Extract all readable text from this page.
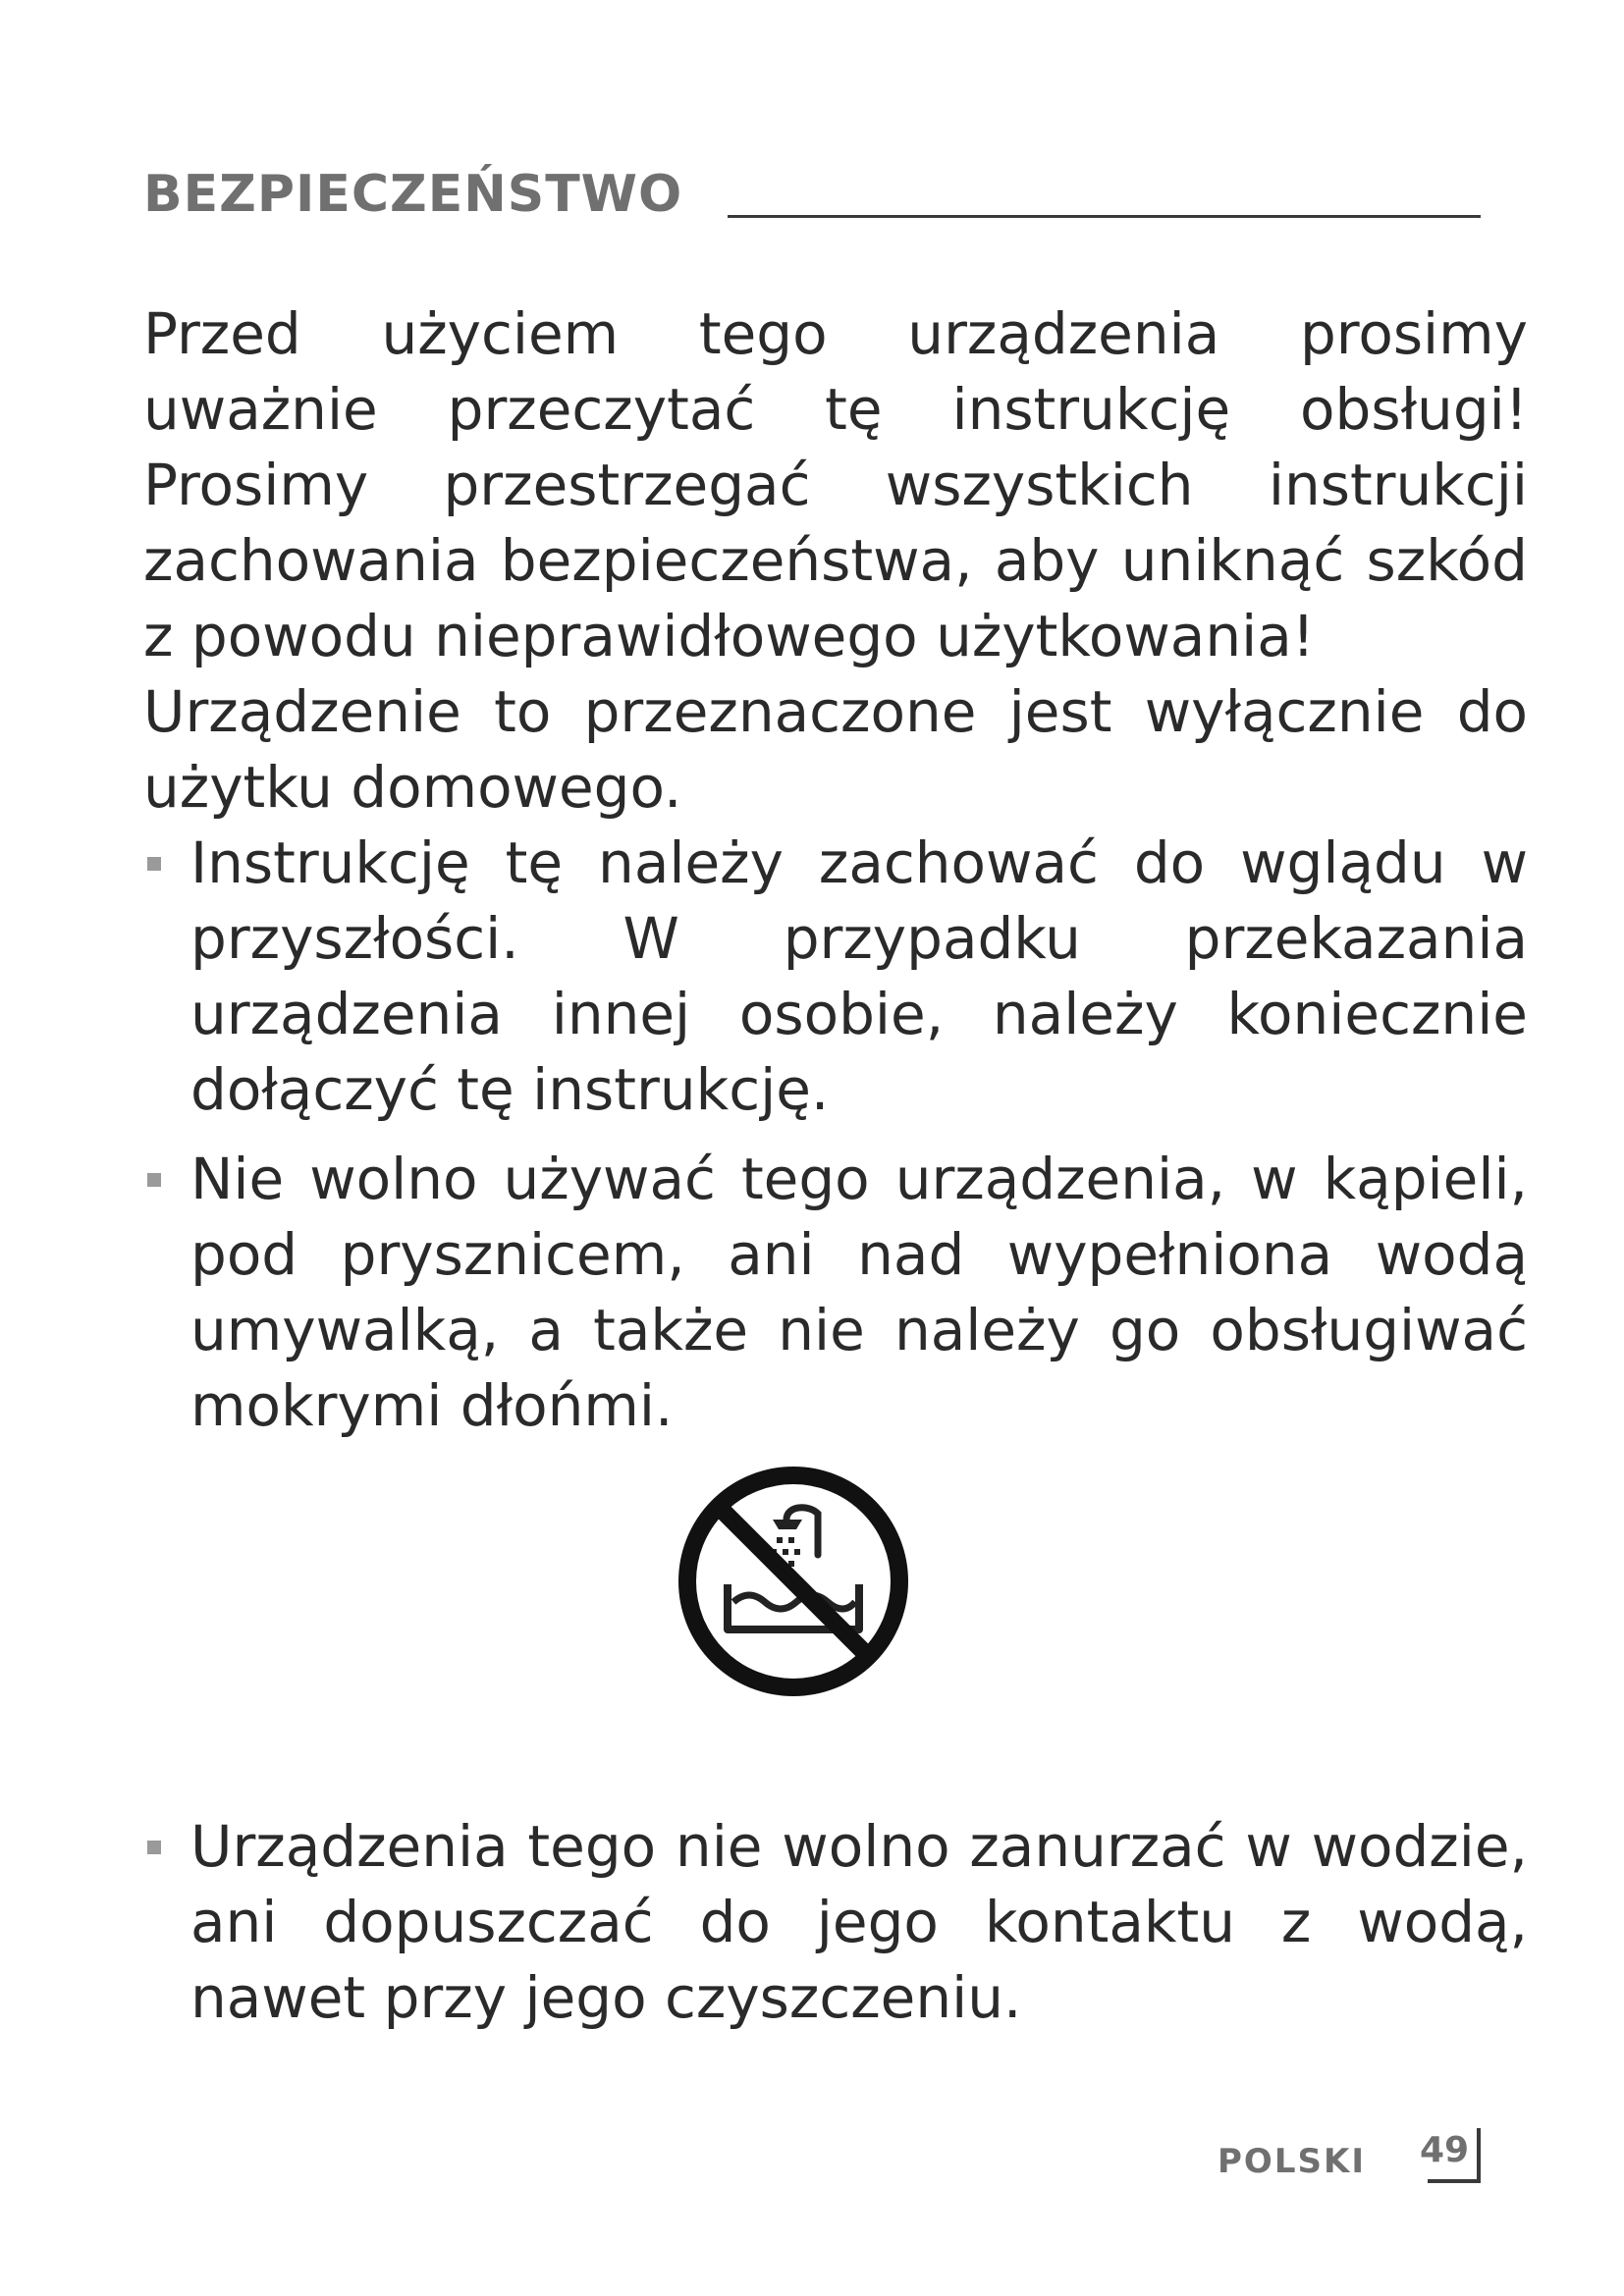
BEZPIECZEŃSTWO

Przed użyciem tego urządzenia prosimy uważnie przeczytać tę instrukcję obsługi! Prosimy przestrzegać wszystkich instrukcji zachowania bezpieczeństwa, aby uniknąć szkód z powodu nieprawidłowego użytkowania!

Urządzenie to przeznaczone jest wyłącznie do użytku domowego.

Instrukcję tę należy zachować do wglądu w przyszłości. W przypadku przekazania urządzenia innej osobie, należy koniecznie dołączyć tę instrukcję.
Nie wolno używać tego urządzenia, w kąpieli, pod prysznicem, ani nad wypełniona wodą umywalką, a także nie należy go obsługiwać mokrymi dłońmi.
Urządzenia tego nie wolno zanurzać w wodzie, ani dopuszczać do jego kontaktu z wodą, nawet przy jego czyszczeniu.
POLSKI 49
